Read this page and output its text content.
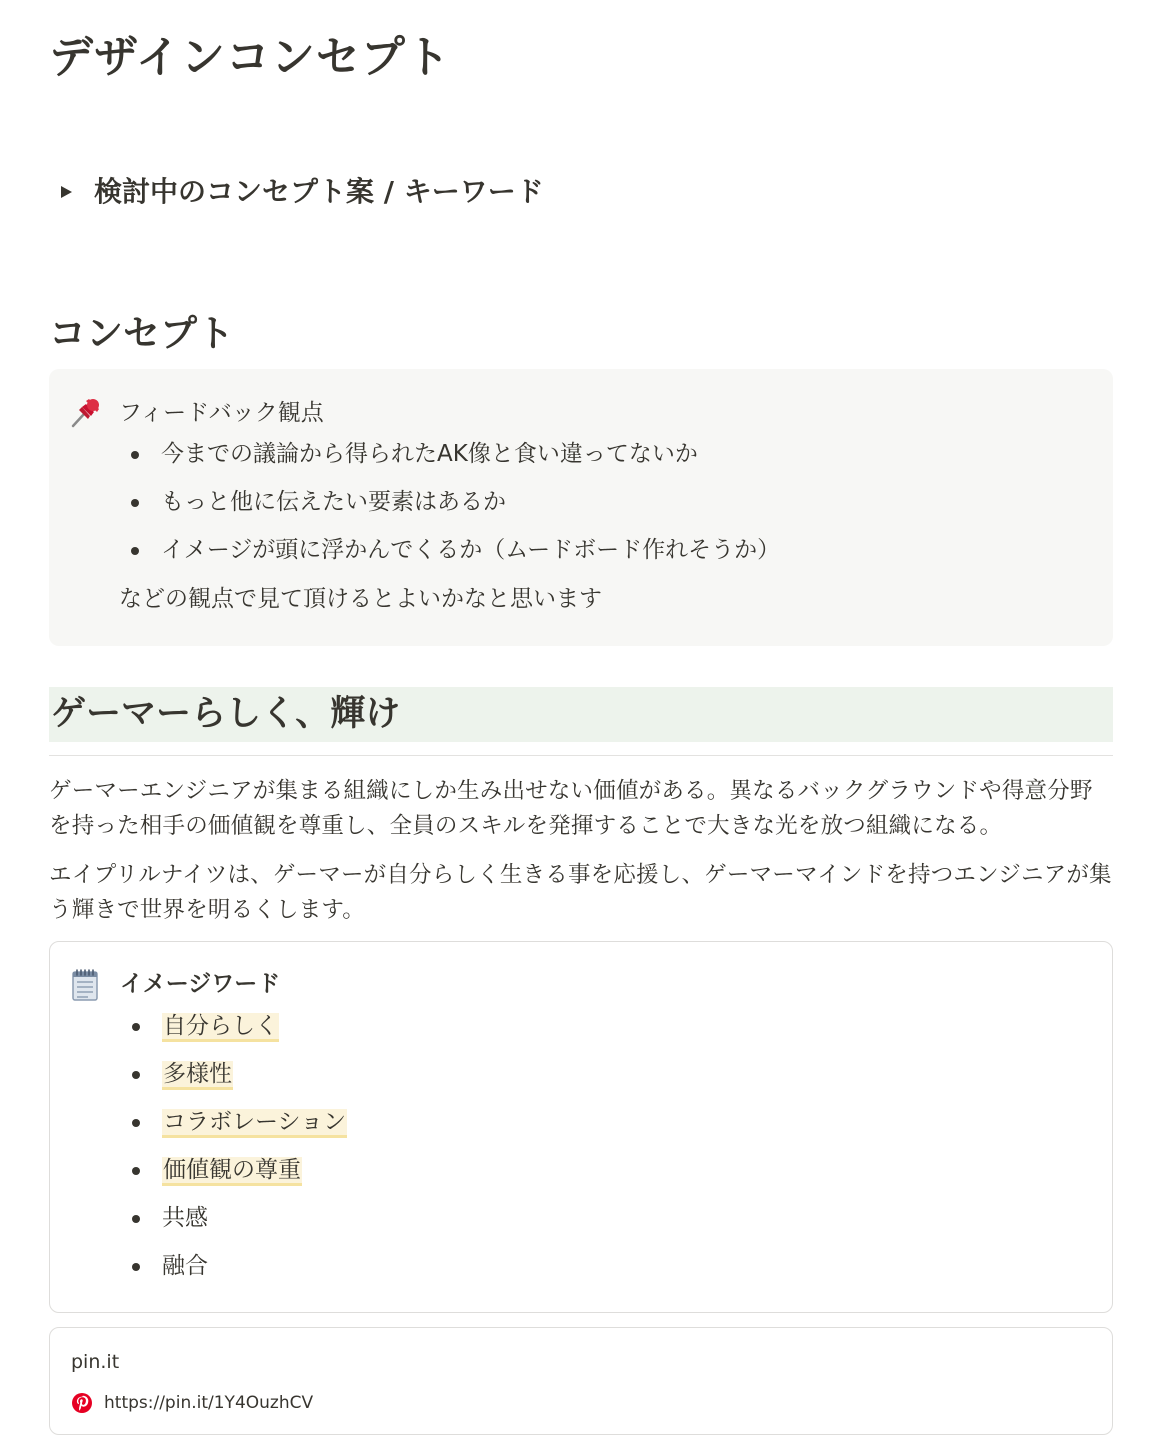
デザインコンセプト
検討中のコンセプト案 / キーワード
コンセプト
フィードバック観点
今までの議論から得られたAK像と食い違ってないか
もっと他に伝えたい要素はあるか
イメージが頭に浮かんでくるか（ムードボード作れそうか）
などの観点で見て頂けるとよいかなと思います
ゲーマーらしく、輝け

ゲーマーエンジニアが集まる組織にしか生み出せない価値がある。異なるバックグラウンドや得意分野を持った相手の価値観を尊重し、全員のスキルを発揮することで大きな光を放つ組織になる。

エイプリルナイツは、ゲーマーが自分らしく生きる事を応援し、ゲーマーマインドを持つエンジニアが集う輝きで世界を明るくします。

イメージワード
自分らしく
多様性
コラボレーション
価値観の尊重
共感
融合
pin.it
https://pin.it/1Y4OuzhCV
